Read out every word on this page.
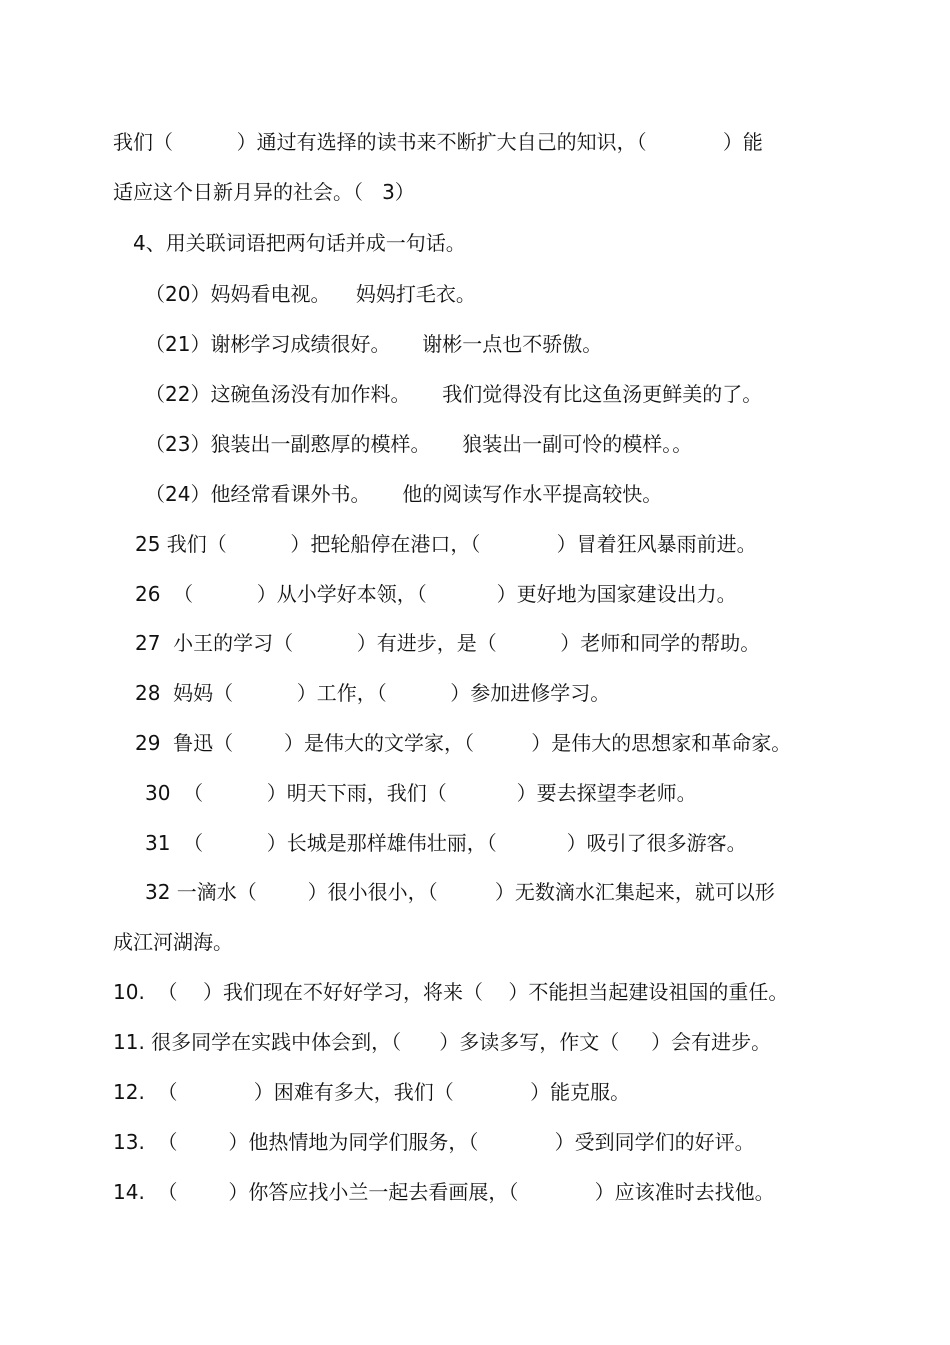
我们（          ）通过有选择的读书来不断扩大自己的知识，（            ）能
适应这个日新月异的社会。（   3）
4、用关联词语把两句话并成一句话。
（20）妈妈看电视。    妈妈打毛衣。
（21）谢彬学习成绩很好。     谢彬一点也不骄傲。
（22）这碗鱼汤没有加作料。     我们觉得没有比这鱼汤更鲜美的了。
（23）狼装出一副憨厚的模样。     狼装出一副可怜的模样。。
（24）他经常看课外书。     他的阅读写作水平提高较快。
25 我们（          ）把轮船停在港口，（            ）冒着狂风暴雨前进。
26  （          ）从小学好本领，（           ）更好地为国家建设出力。
27  小王的学习（          ）有进步，是（          ）老师和同学的帮助。
28  妈妈（          ）工作，（          ）参加进修学习。
29  鲁迅（        ）是伟大的文学家，（         ）是伟大的思想家和革命家。
30  （          ）明天下雨，我们（           ）要去探望李老师。
31  （          ）长城是那样雄伟壮丽，（           ）吸引了很多游客。
32 一滴水（        ）很小很小，（         ）无数滴水汇集起来，就可以形
成江河湖海。
10.  （    ）我们现在不好好学习，将来（    ）不能担当起建设祖国的重任。
11. 很多同学在实践中体会到，（      ）多读多写，作文（     ）会有进步。
12.  （            ）困难有多大，我们（            ）能克服。
13.  （        ）他热情地为同学们服务，（            ）受到同学们的好评。
14.  （        ）你答应找小兰一起去看画展，（            ）应该准时去找他。
